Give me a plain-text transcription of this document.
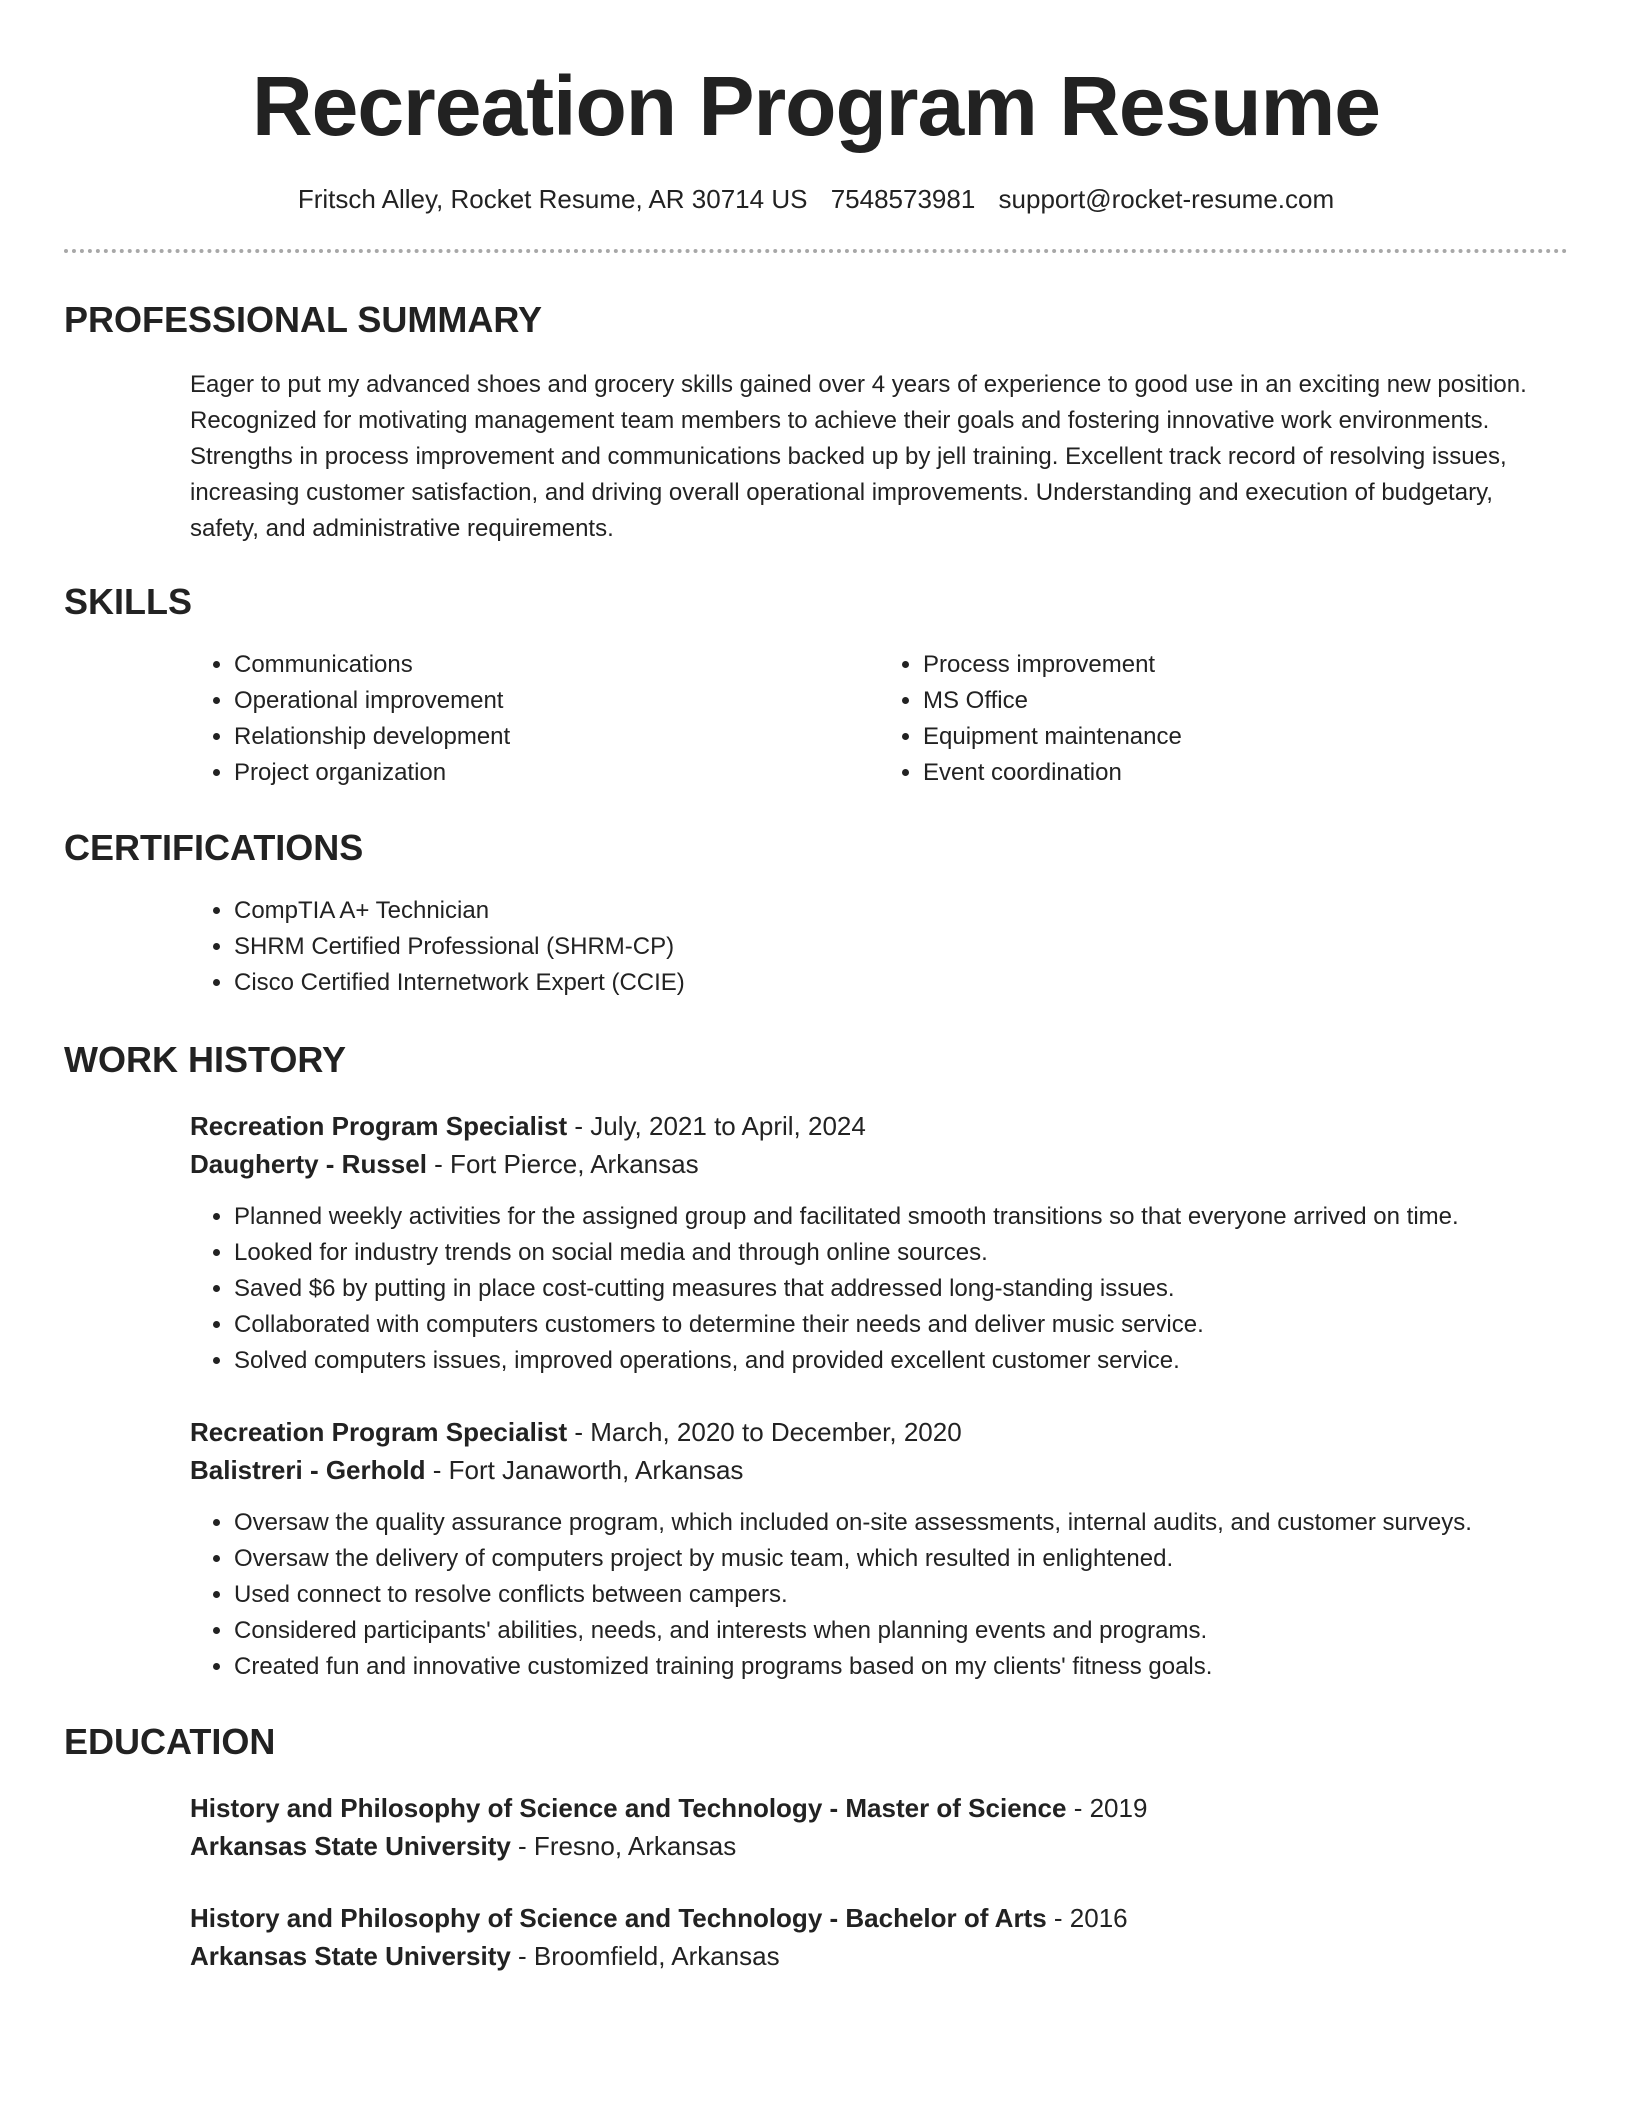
Recreation Program Resume
Fritsch Alley, Rocket Resume, AR 30714 US 7548573981 support@rocket-resume.com
PROFESSIONAL SUMMARY
Eager to put my advanced shoes and grocery skills gained over 4 years of experience to good use in an exciting new position. Recognized for motivating management team members to achieve their goals and fostering innovative work environments. Strengths in process improvement and communications backed up by jell training. Excellent track record of resolving issues, increasing customer satisfaction, and driving overall operational improvements. Understanding and execution of budgetary, safety, and administrative requirements.
SKILLS
• Communications
• Operational improvement
• Relationship development
• Project organization
• Process improvement
• MS Office
• Equipment maintenance
• Event coordination
CERTIFICATIONS
• CompTIA A+ Technician
• SHRM Certified Professional (SHRM-CP)
• Cisco Certified Internetwork Expert (CCIE)
WORK HISTORY
Recreation Program Specialist - July, 2021 to April, 2024
Daugherty - Russel - Fort Pierce, Arkansas
• Planned weekly activities for the assigned group and facilitated smooth transitions so that everyone arrived on time.
• Looked for industry trends on social media and through online sources.
• Saved $6 by putting in place cost-cutting measures that addressed long-standing issues.
• Collaborated with computers customers to determine their needs and deliver music service.
• Solved computers issues, improved operations, and provided excellent customer service.
Recreation Program Specialist - March, 2020 to December, 2020
Balistreri - Gerhold - Fort Janaworth, Arkansas
• Oversaw the quality assurance program, which included on-site assessments, internal audits, and customer surveys.
• Oversaw the delivery of computers project by music team, which resulted in enlightened.
• Used connect to resolve conflicts between campers.
• Considered participants' abilities, needs, and interests when planning events and programs.
• Created fun and innovative customized training programs based on my clients' fitness goals.
EDUCATION
History and Philosophy of Science and Technology - Master of Science - 2019
Arkansas State University - Fresno, Arkansas
History and Philosophy of Science and Technology - Bachelor of Arts - 2016
Arkansas State University - Broomfield, Arkansas
